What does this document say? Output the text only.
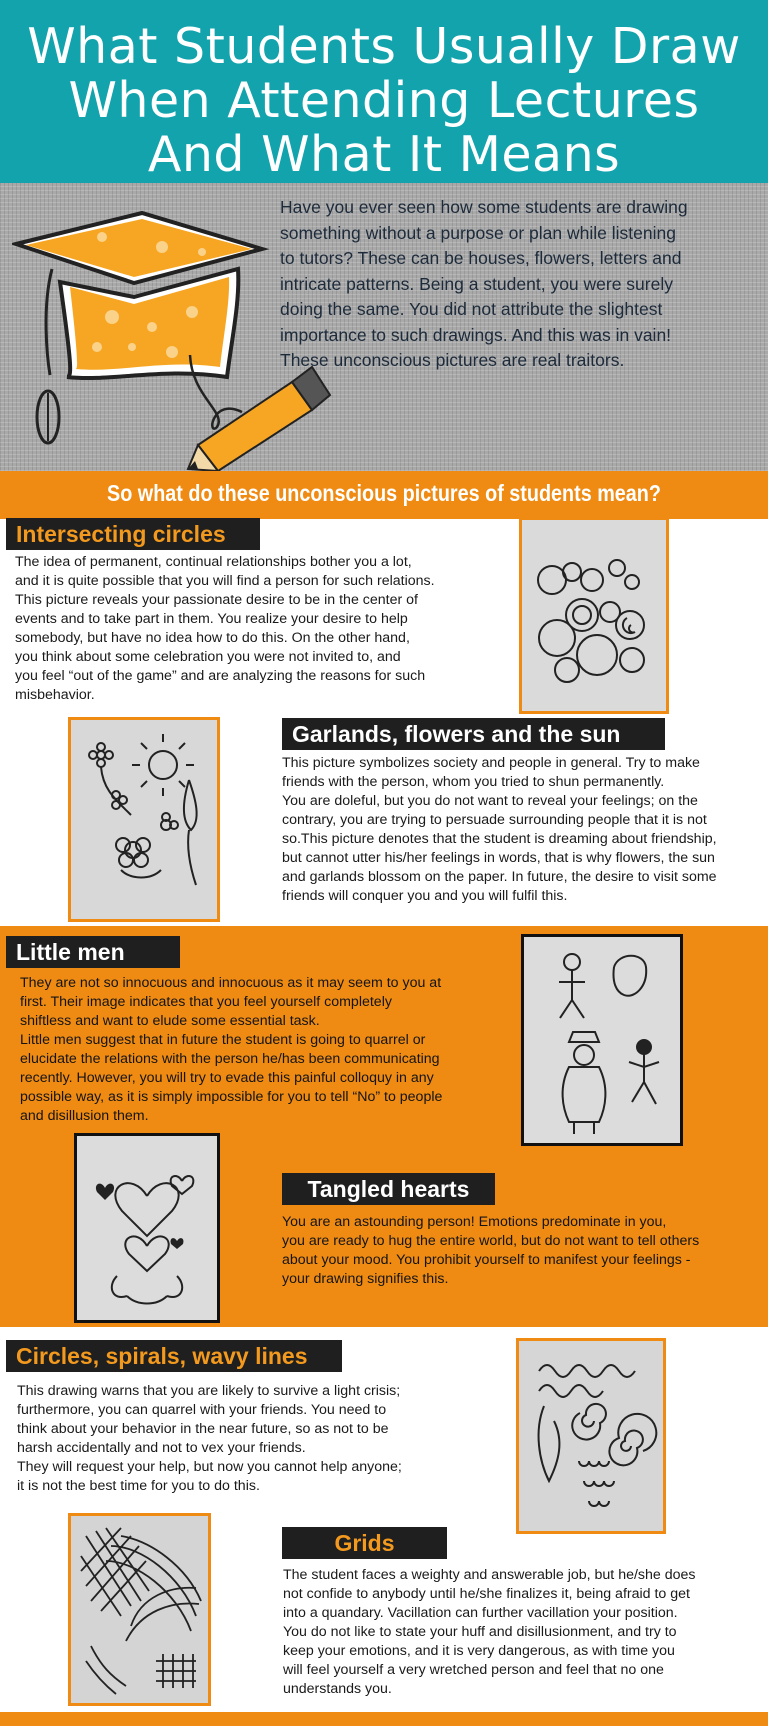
What Students Usually Draw
When Attending Lectures
And What It Means

Have you ever seen how some students are drawing
something without a purpose or plan while listening
to tutors? These can be houses, flowers, letters and
intricate patterns. Being a student, you were surely
doing the same. You did not attribute the slightest
importance to such drawings. And this was in vain!
These unconscious pictures are real traitors.

So what do these unconscious pictures of students mean?
Intersecting circles
The idea of permanent, continual relationships bother you a lot,
and it is quite possible that you will find a person for such relations.
This picture reveals your passionate desire to be in the center of
events and to take part in them. You realize your desire to help
somebody, but have no idea how to do this. On the other hand,
you think about some celebration you were not invited to, and
you feel “out of the game” and are analyzing the reasons for such
misbehavior.
Garlands, flowers and the sun
This picture symbolizes society and people in general. Try to make
friends with the person, whom you tried to shun permanently.
You are doleful, but you do not want to reveal your feelings; on the
contrary, you are trying to persuade surrounding people that it is not
so.This picture denotes that the student is dreaming about friendship,
but cannot utter his/her feelings in words, that is why flowers, the sun
and garlands blossom on the paper. In future, the desire to visit some
friends will conquer you and you will fulfil this.
Little men
They are not so innocuous and innocuous as it may seem to you at
first. Their image indicates that you feel yourself completely
shiftless and want to elude some essential task.
Little men suggest that in future the student is going to quarrel or
elucidate the relations with the person he/has been communicating
recently. However, you will try to evade this painful colloquy in any
possible way, as it is simply impossible for you to tell “No” to people
and disillusion them.
Tangled hearts
You are an astounding person! Emotions predominate in you,
you are ready to hug the entire world, but do not want to tell others
about your mood. You prohibit yourself to manifest your feelings -
your drawing signifies this.
Circles, spirals, wavy lines
This drawing warns that you are likely to survive a light crisis;
furthermore, you can quarrel with your friends. You need to
think about your behavior in the near future, so as not to be
harsh accidentally and not to vex your friends.
They will request your help, but now you cannot help anyone;
it is not the best time for you to do this.
Grids
The student faces a weighty and answerable job, but he/she does
not confide to anybody until he/she finalizes it, being afraid to get
into a quandary. Vacillation can further vacillation your position.
You do not like to state your huff and disillusionment, and try to
keep your emotions, and it is very dangerous, as with time you
will feel yourself a very wretched person and feel that no one
understands you.
